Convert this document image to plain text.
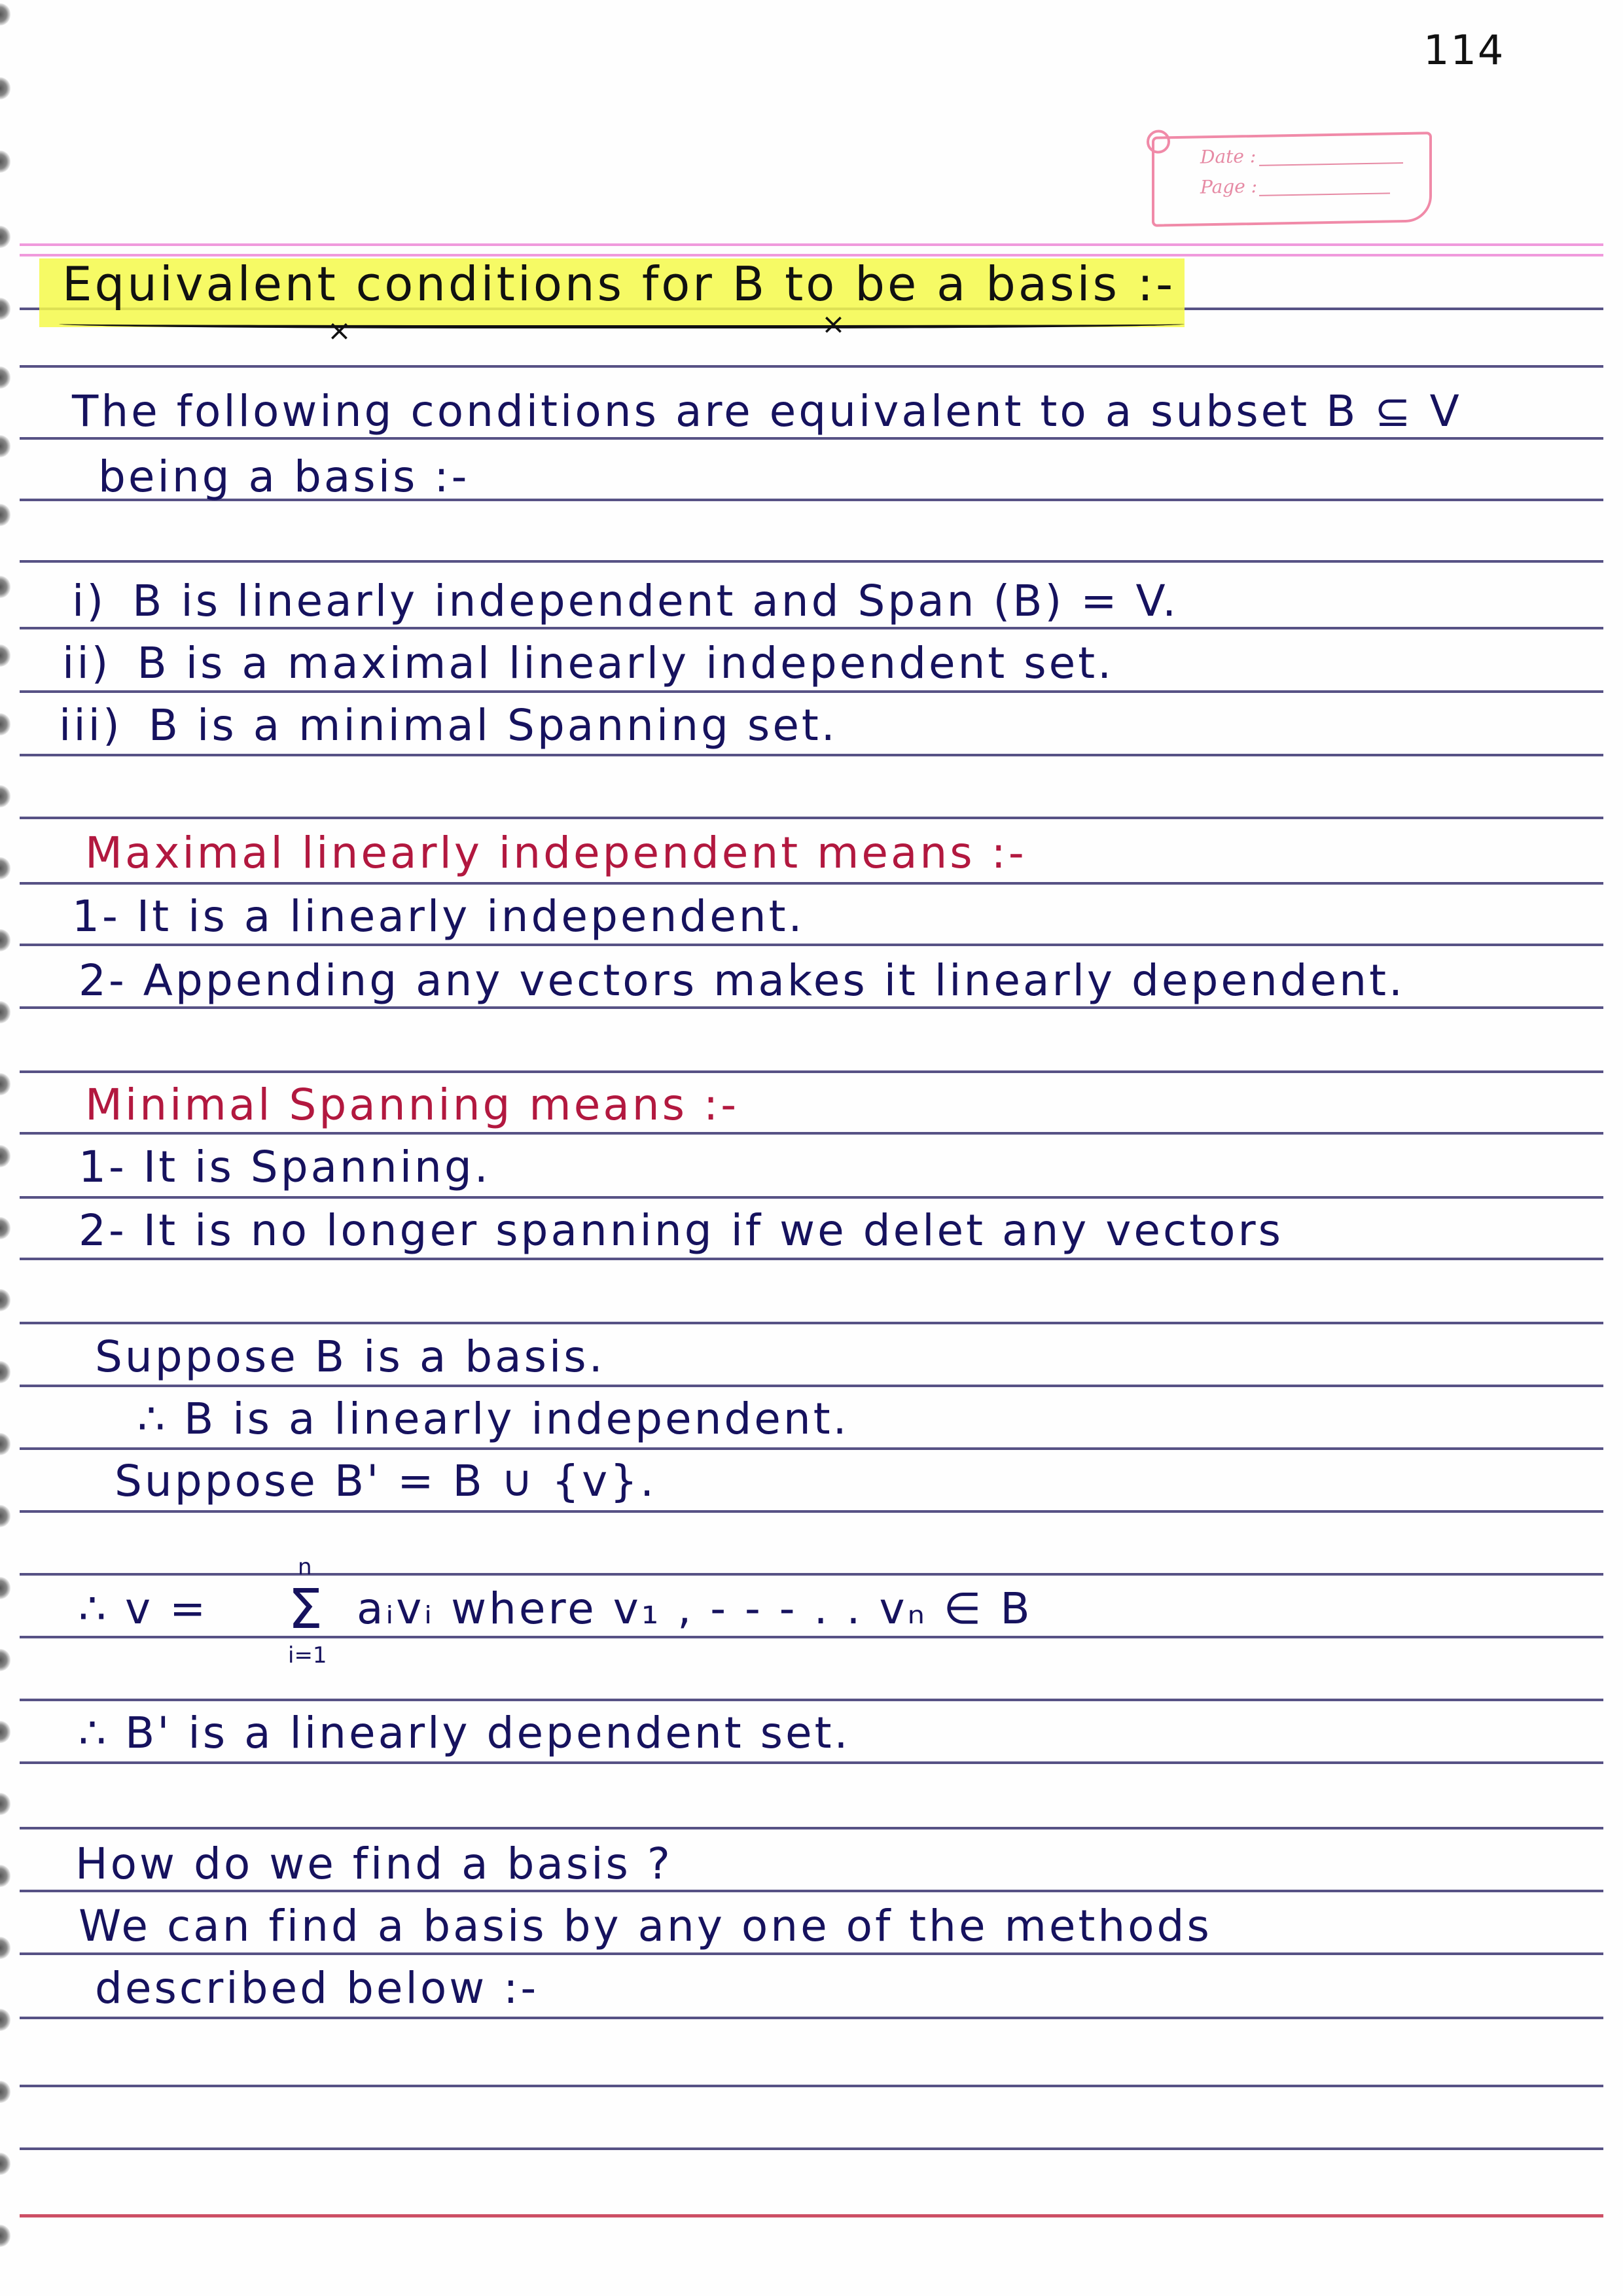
114
Date :
Page :
Equivalent conditions for B to be a basis :-
×	×
The following conditions are equivalent to a subset B ⊆ V
being a basis :-
i) B is linearly independent and Span (B) = V.
ii) B is a maximal linearly independent set.
iii) B is a minimal Spanning set.
Maximal linearly independent means :-
1- It is a linearly independent.
2- Appending any vectors makes it linearly dependent.
Minimal Spanning means :-
1- It is Spanning.
2- It is no longer spanning if we delet any vectors
Suppose B is a basis.
∴ B is a linearly independent.
Suppose B' = B ∪ {v}.
∴ v =
n
Σ
i=1
aᵢvᵢ where v₁ , - - - . . vₙ ∈ B
∴ B' is a linearly dependent set.
How do we find a basis ?
We can find a basis by any one of the methods
described below :-
